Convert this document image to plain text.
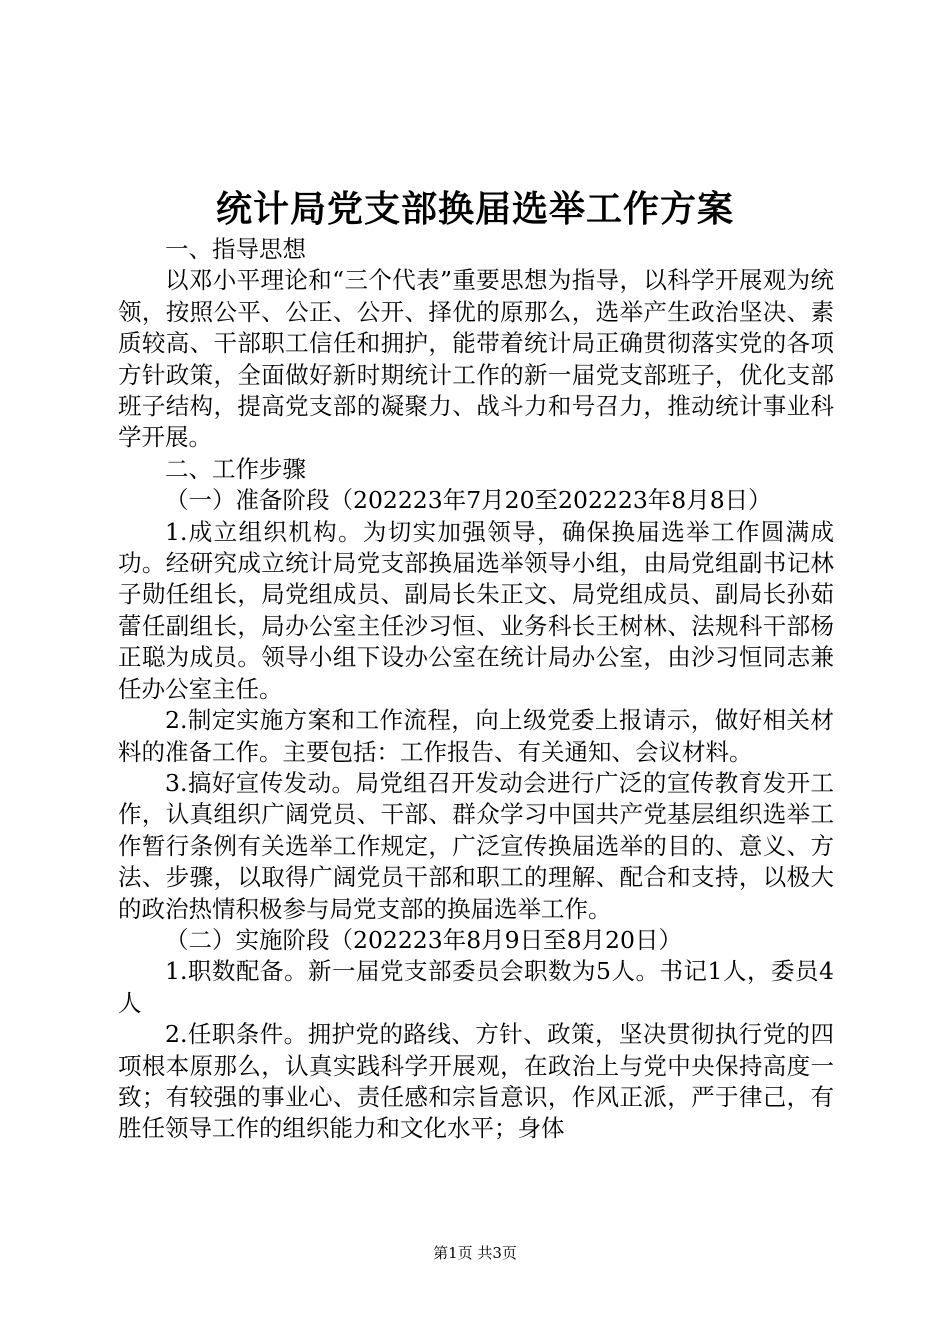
统计局党支部换届选举工作方案

一、指导思想

以邓小平理论和“三个代表”重要思想为指导，以科学开展观为统领，按照公平、公正、公开、择优的原那么，选举产生政治坚决、素质较高、干部职工信任和拥护，能带着统计局正确贯彻落实党的各项方针政策，全面做好新时期统计工作的新一届党支部班子，优化支部班子结构，提高党支部的凝聚力、战斗力和号召力，推动统计事业科学开展。

二、工作步骤

（一）准备阶段（202223年7月20至202223年8月8日）

1.成立组织机构。为切实加强领导，确保换届选举工作圆满成功。经研究成立统计局党支部换届选举领导小组，由局党组副书记林子勋任组长，局党组成员、副局长朱正文、局党组成员、副局长孙茹蕾任副组长，局办公室主任沙习恒、业务科长王树林、法规科干部杨正聪为成员。领导小组下设办公室在统计局办公室，由沙习恒同志兼任办公室主任。

2.制定实施方案和工作流程，向上级党委上报请示，做好相关材料的准备工作。主要包括：工作报告、有关通知、会议材料。

3.搞好宣传发动。局党组召开发动会进行广泛的宣传教育发开工作，认真组织广阔党员、干部、群众学习中国共产党基层组织选举工作暂行条例有关选举工作规定，广泛宣传换届选举的目的、意义、方法、步骤，以取得广阔党员干部和职工的理解、配合和支持，以极大的政治热情积极参与局党支部的换届选举工作。

（二）实施阶段（202223年8月9日至8月20日）

1.职数配备。新一届党支部委员会职数为5人。书记1人，委员4人

2.任职条件。拥护党的路线、方针、政策，坚决贯彻执行党的四项根本原那么，认真实践科学开展观，在政治上与党中央保持高度一致；有较强的事业心、责任感和宗旨意识，作风正派，严于律己，有胜任领导工作的组织能力和文化水平；身体

第1页 共3页
